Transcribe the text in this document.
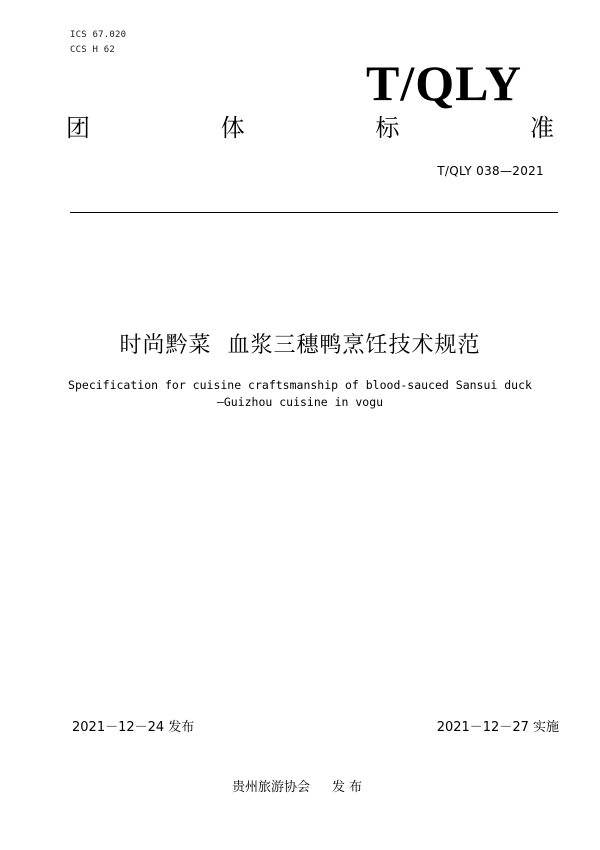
ICS 67.020
CCS H 62
T/QLY
团	体	标	准
T/QLY 038—2021
时尚黔菜  血浆三穗鸭烹饪技术规范
Specification for cuisine craftsmanship of blood-sauced Sansui duck
—Guizhou cuisine in vogu
2021－12－24 发布	2021－12－27 实施
贵州旅游协会 发 布
